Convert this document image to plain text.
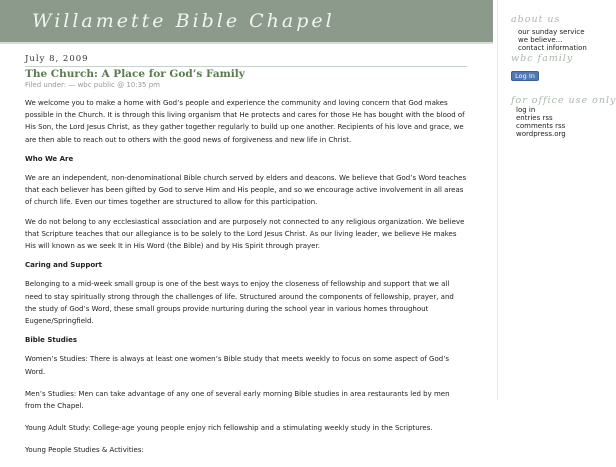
Willamette Bible Chapel	about us
our sunday service
we believe...
contact information
wbc family
Log In
for office use only
log in
entries rss
comments rss
wordpress.org
July 8, 2009
The Church: A Place for God’s Family
Filed under: — wbc public @ 10:35 pm

We welcome you to make a home with God’s people and experience the community and loving concern that God makes possible in the Church. It is through this living organism that He protects and cares for those He has bought with the blood of His Son, the Lord Jesus Christ, as they gather together regularly to build up one another. Recipients of his love and grace, we are then able to reach out to others with the good news of forgiveness and new life in Christ.

Who We Are

We are an independent, non-denominational Bible church served by elders and deacons. We believe that God’s Word teaches that each believer has been gifted by God to serve Him and His people, and so we encourage active involvement in all areas of church life. Even our times together are structured to allow for this participation.

We do not belong to any ecclesiastical association and are purposely not connected to any religious organization. We believe that Scripture teaches that our allegiance is to be solely to the Lord Jesus Christ. As our living leader, we believe He makes His will known as we seek It in His Word (the Bible) and by His Spirit through prayer.

Caring and Support

Belonging to a mid-week small group is one of the best ways to enjoy the closeness of fellowship and support that we all need to stay spiritually strong through the challenges of life. Structured around the components of fellowship, prayer, and the study of God’s Word, these small groups provide nurturing during the school year in various homes throughout Eugene/Springfield.

Bible Studies

Women’s Studies: There is always at least one women’s Bible study that meets weekly to focus on some aspect of God’s Word.

Men’s Studies: Men can take advantage of any one of several early morning Bible studies in area restaurants led by men from the Chapel.

Young Adult Study: College-age young people enjoy rich fellowship and a stimulating weekly study in the Scriptures.

Young People Studies & Activities:
